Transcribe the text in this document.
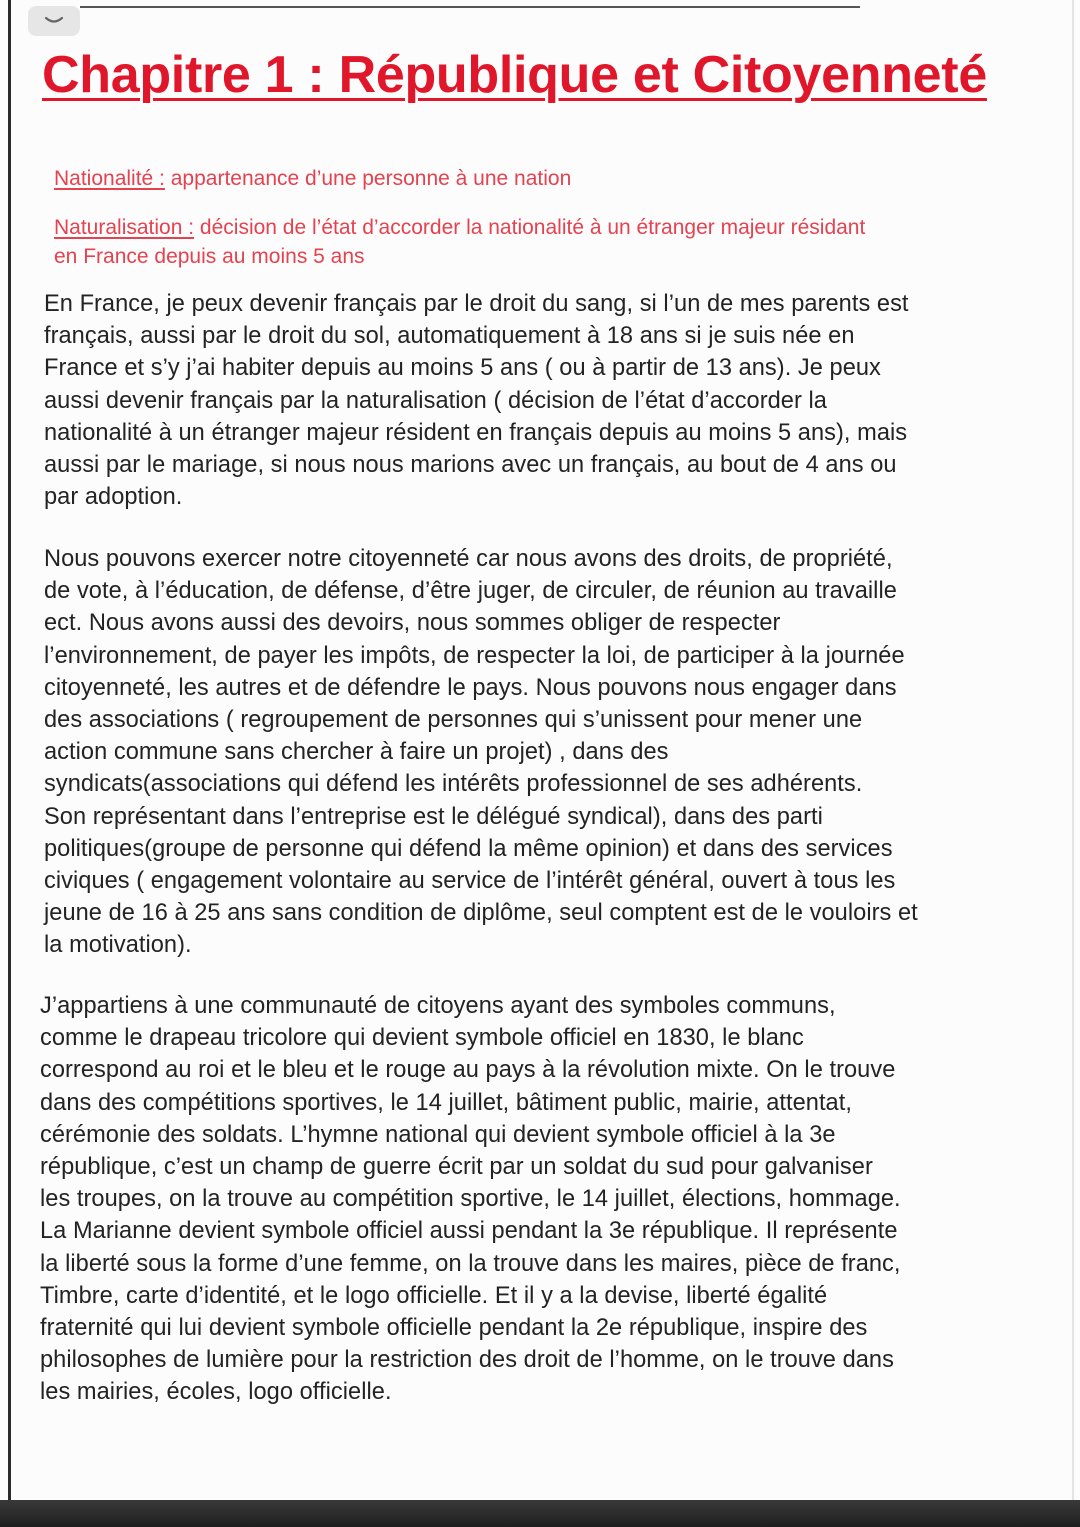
Chapitre 1 : République et Citoyenneté

Nationalité : appartenance d’une personne à une nation

Naturalisation : décision de l’état d’accorder la nationalité à un étranger majeur résidant
en France depuis au moins 5 ans

En France, je peux devenir français par le droit du sang, si l’un de mes parents est
français, aussi par le droit du sol, automatiquement à 18 ans si je suis née en
France et s’y j’ai habiter depuis au moins 5 ans ( ou à partir de 13 ans). Je peux
aussi devenir français par la naturalisation ( décision de l’état d’accorder la
nationalité à un étranger majeur résident en français depuis au moins 5 ans), mais
aussi par le mariage, si nous nous marions avec un français, au bout de 4 ans ou
par adoption.
Nous pouvons exercer notre citoyenneté car nous avons des droits, de propriété,
de vote, à l’éducation, de défense, d’être juger, de circuler, de réunion au travaille
ect. Nous avons aussi des devoirs, nous sommes obliger de respecter
l’environnement, de payer les impôts, de respecter la loi, de participer à la journée
citoyenneté, les autres et de défendre le pays. Nous pouvons nous engager dans
des associations ( regroupement de personnes qui s’unissent pour mener une
action commune sans chercher à faire un projet) , dans des
syndicats(associations qui défend les intérêts professionnel de ses adhérents.
Son représentant dans l’entreprise est le délégué syndical), dans des parti
politiques(groupe de personne qui défend la même opinion) et dans des services
civiques ( engagement volontaire au service de l’intérêt général, ouvert à tous les
jeune de 16 à 25 ans sans condition de diplôme, seul comptent est de le vouloirs et
la motivation).
J’appartiens à une communauté de citoyens ayant des symboles communs,
comme le drapeau tricolore qui devient symbole officiel en 1830, le blanc
correspond au roi et le bleu et le rouge au pays à la révolution mixte. On le trouve
dans des compétitions sportives, le 14 juillet, bâtiment public, mairie, attentat,
cérémonie des soldats. L’hymne national qui devient symbole officiel à la 3e
république, c’est un champ de guerre écrit par un soldat du sud pour galvaniser
les troupes, on la trouve au compétition sportive, le 14 juillet, élections, hommage.
La Marianne devient symbole officiel aussi pendant la 3e république. Il représente
la liberté sous la forme d’une femme, on la trouve dans les maires, pièce de franc,
Timbre, carte d’identité, et le logo officielle. Et il y a la devise, liberté égalité
fraternité qui lui devient symbole officielle pendant la 2e république, inspire des
philosophes de lumière pour la restriction des droit de l’homme, on le trouve dans
les mairies, écoles, logo officielle.
